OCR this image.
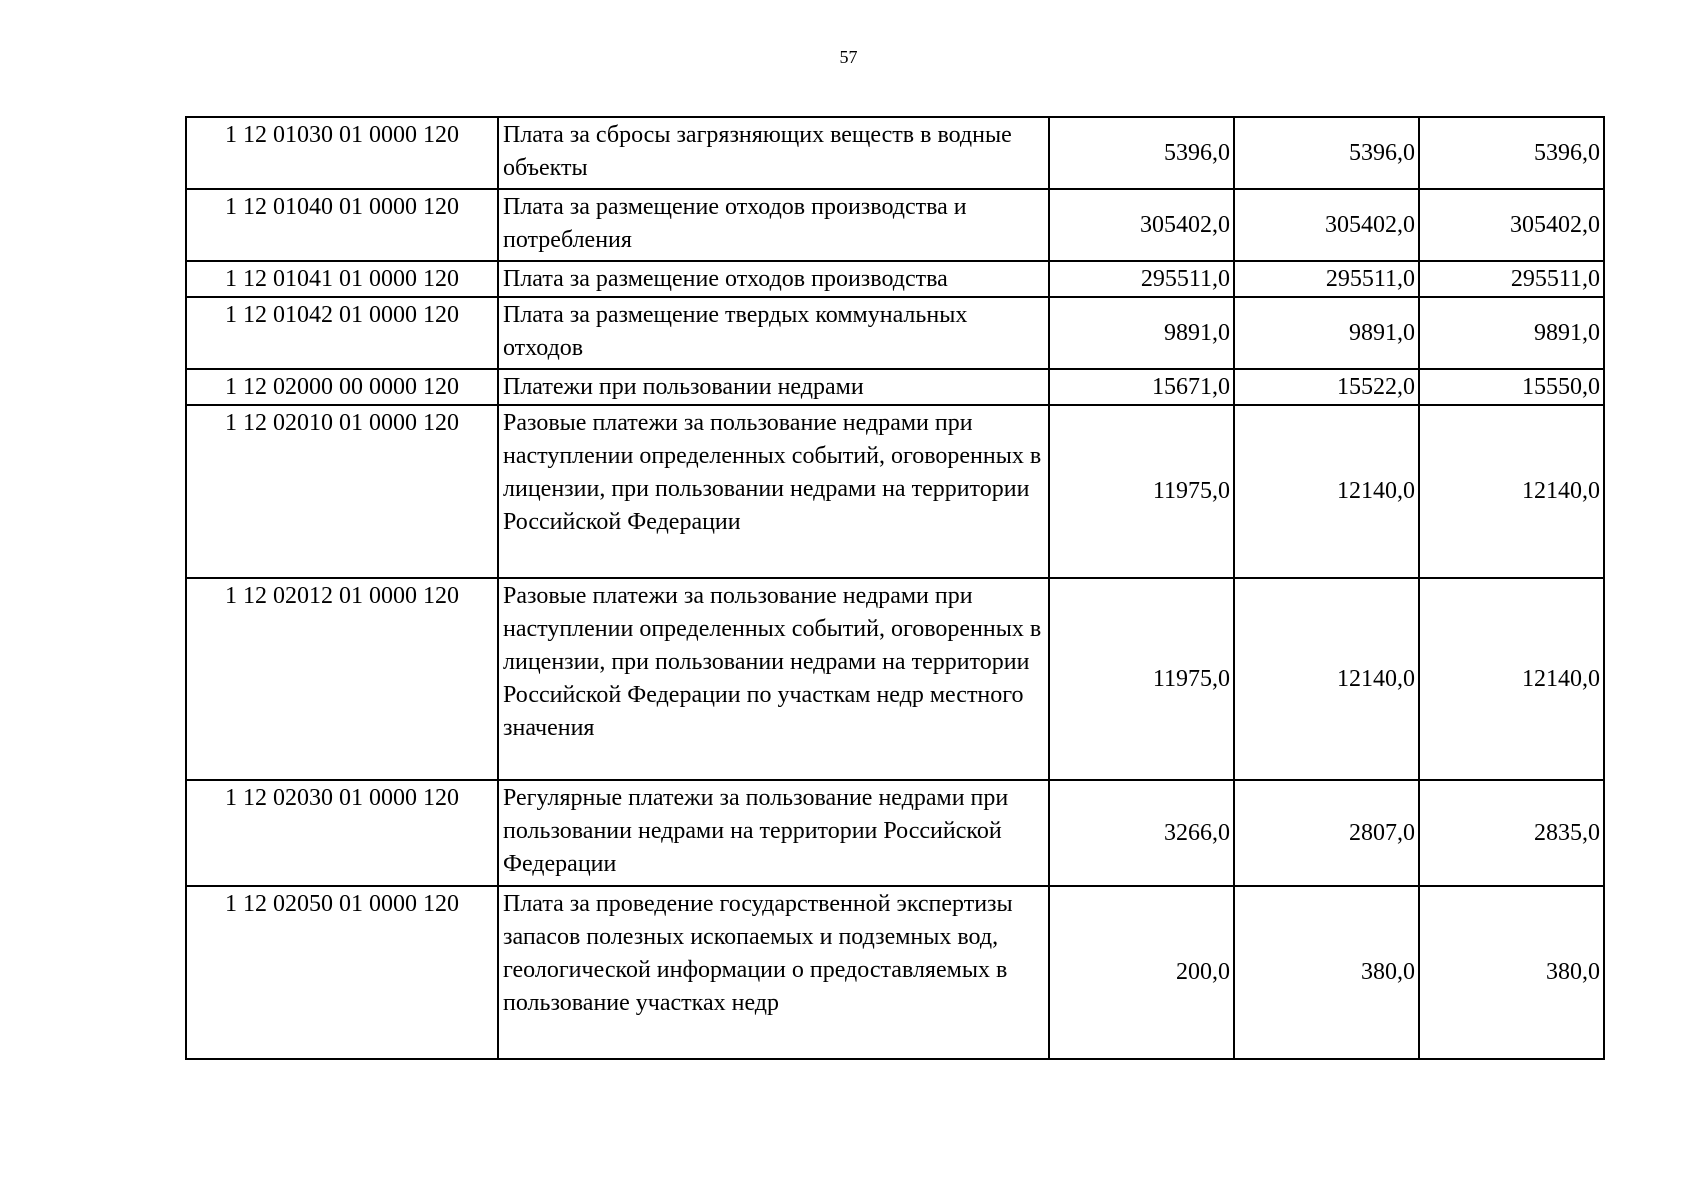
57
1 12 01030 01 0000 120	Плата за сбросы загрязняющих веществ в водные объекты	5396,0	5396,0	5396,0
1 12 01040 01 0000 120	Плата за размещение отходов производства и потребления	305402,0	305402,0	305402,0
1 12 01041 01 0000 120	Плата за размещение отходов производства	295511,0	295511,0	295511,0
1 12 01042 01 0000 120	Плата за размещение твердых коммунальных отходов	9891,0	9891,0	9891,0
1 12 02000 00 0000 120	Платежи при пользовании недрами	15671,0	15522,0	15550,0
1 12 02010 01 0000 120	Разовые платежи за пользование недрами при наступлении определенных событий, оговоренных в лицензии, при пользовании недрами на территории Российской Федерации	11975,0	12140,0	12140,0
1 12 02012 01 0000 120	Разовые платежи за пользование недрами при наступлении определенных событий, оговоренных в лицензии, при пользовании недрами на территории Российской Федерации по участкам недр местного значения	11975,0	12140,0	12140,0
1 12 02030 01 0000 120	Регулярные платежи за пользование недрами при пользовании недрами на территории Российской Федерации	3266,0	2807,0	2835,0
1 12 02050 01 0000 120	Плата за проведение государственной экспертизы запасов полезных ископаемых и подземных вод, геологической информации о предоставляемых в пользование участках недр	200,0	380,0	380,0
